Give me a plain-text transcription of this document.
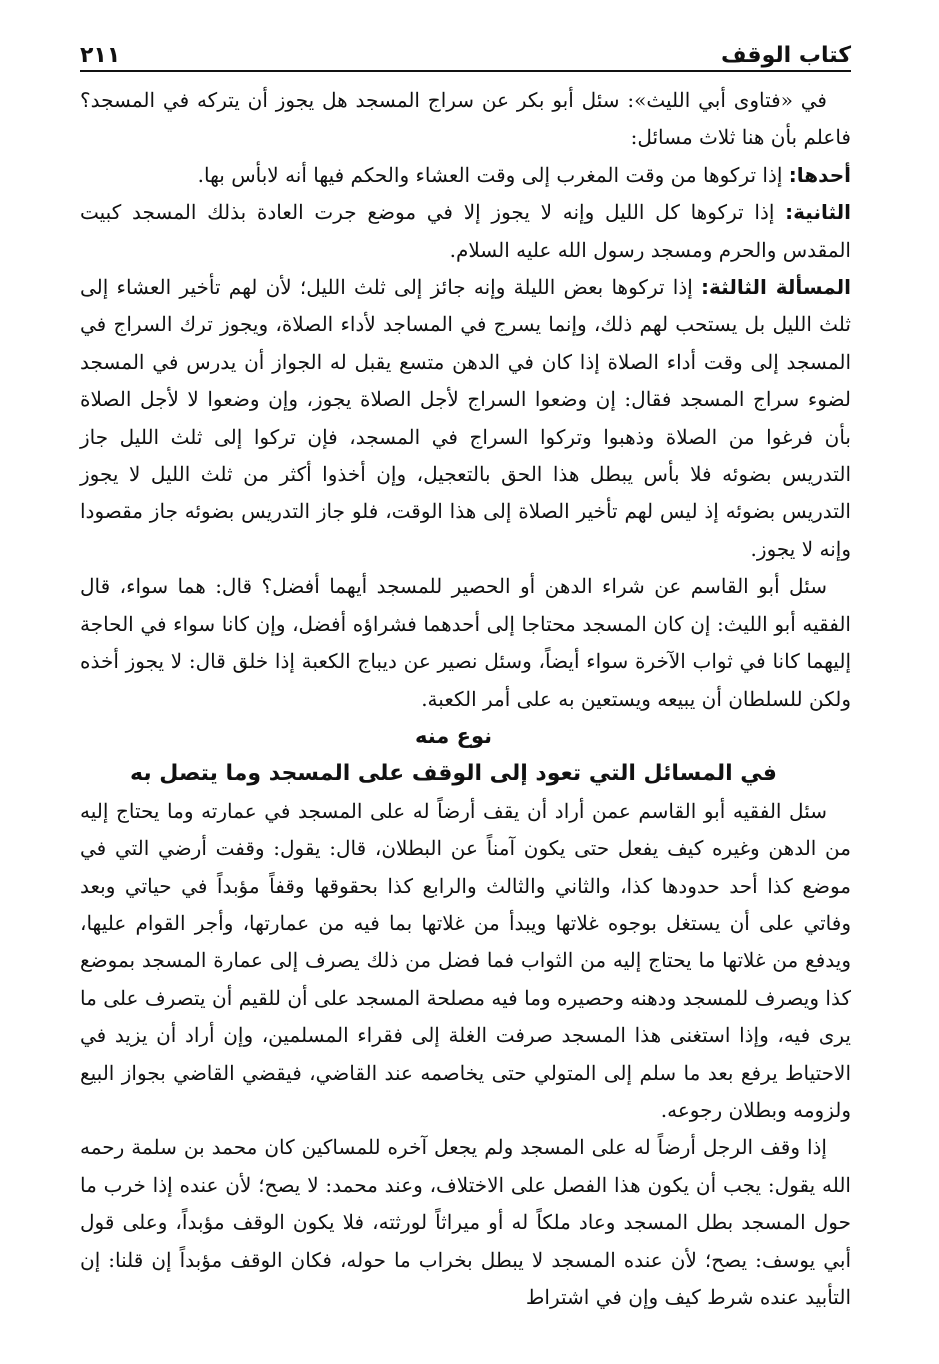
كتاب الوقف
٢١١

في «فتاوى أبي الليث»: سئل أبو بكر عن سراج المسجد هل يجوز أن يتركه في المسجد؟ فاعلم بأن هنا ثلاث مسائل:

أحدها: إذا تركوها من وقت المغرب إلى وقت العشاء والحكم فيها أنه لابأس بها.

الثانية: إذا تركوها كل الليل وإنه لا يجوز إلا في موضع جرت العادة بذلك المسجد كبيت المقدس والحرم ومسجد رسول الله عليه السلام.

المسألة الثالثة: إذا تركوها بعض الليلة وإنه جائز إلى ثلث الليل؛ لأن لهم تأخير العشاء إلى ثلث الليل بل يستحب لهم ذلك، وإنما يسرج في المساجد لأداء الصلاة، ويجوز ترك السراج في المسجد إلى وقت أداء الصلاة إذا كان في الدهن متسع يقبل له الجواز أن يدرس في المسجد لضوء سراج المسجد فقال: إن وضعوا السراج لأجل الصلاة يجوز، وإن وضعوا لا لأجل الصلاة بأن فرغوا من الصلاة وذهبوا وتركوا السراج في المسجد، فإن تركوا إلى ثلث الليل جاز التدريس بضوئه فلا بأس يبطل هذا الحق بالتعجيل، وإن أخذوا أكثر من ثلث الليل لا يجوز التدريس بضوئه إذ ليس لهم تأخير الصلاة إلى هذا الوقت، فلو جاز التدريس بضوئه جاز مقصودا وإنه لا يجوز.

سئل أبو القاسم عن شراء الدهن أو الحصير للمسجد أيهما أفضل؟ قال: هما سواء، قال الفقيه أبو الليث: إن كان المسجد محتاجا إلى أحدهما فشراؤه أفضل، وإن كانا سواء في الحاجة إليهما كانا في ثواب الآخرة سواء أيضاً، وسئل نصير عن ديباج الكعبة إذا خلق قال: لا يجوز أخذه ولكن للسلطان أن يبيعه ويستعين به على أمر الكعبة.

نوع منه

في المسائل التي تعود إلى الوقف على المسجد وما يتصل به

سئل الفقيه أبو القاسم عمن أراد أن يقف أرضاً له على المسجد في عمارته وما يحتاج إليه من الدهن وغيره كيف يفعل حتى يكون آمناً عن البطلان، قال: يقول: وقفت أرضي التي في موضع كذا أحد حدودها كذا، والثاني والثالث والرابع كذا بحقوقها وقفاً مؤبداً في حياتي وبعد وفاتي على أن يستغل بوجوه غلاتها ويبدأ من غلاتها بما فيه من عمارتها، وأجر القوام عليها، ويدفع من غلاتها ما يحتاج إليه من الثواب فما فضل من ذلك يصرف إلى عمارة المسجد بموضع كذا ويصرف للمسجد ودهنه وحصيره وما فيه مصلحة المسجد على أن للقيم أن يتصرف على ما يرى فيه، وإذا استغنى هذا المسجد صرفت الغلة إلى فقراء المسلمين، وإن أراد أن يزيد في الاحتياط يرفع بعد ما سلم إلى المتولي حتى يخاصمه عند القاضي، فيقضي القاضي بجواز البيع ولزومه وبطلان رجوعه.

إذا وقف الرجل أرضاً له على المسجد ولم يجعل آخره للمساكين كان محمد بن سلمة رحمه الله يقول: يجب أن يكون هذا الفصل على الاختلاف، وعند محمد: لا يصح؛ لأن عنده إذا خرب ما حول المسجد بطل المسجد وعاد ملكاً له أو ميراثاً لورثته، فلا يكون الوقف مؤبداً، وعلى قول أبي يوسف: يصح؛ لأن عنده المسجد لا يبطل بخراب ما حوله، فكان الوقف مؤبداً إن قلنا: إن التأبيد عنده شرط كيف وإن في اشتراط
